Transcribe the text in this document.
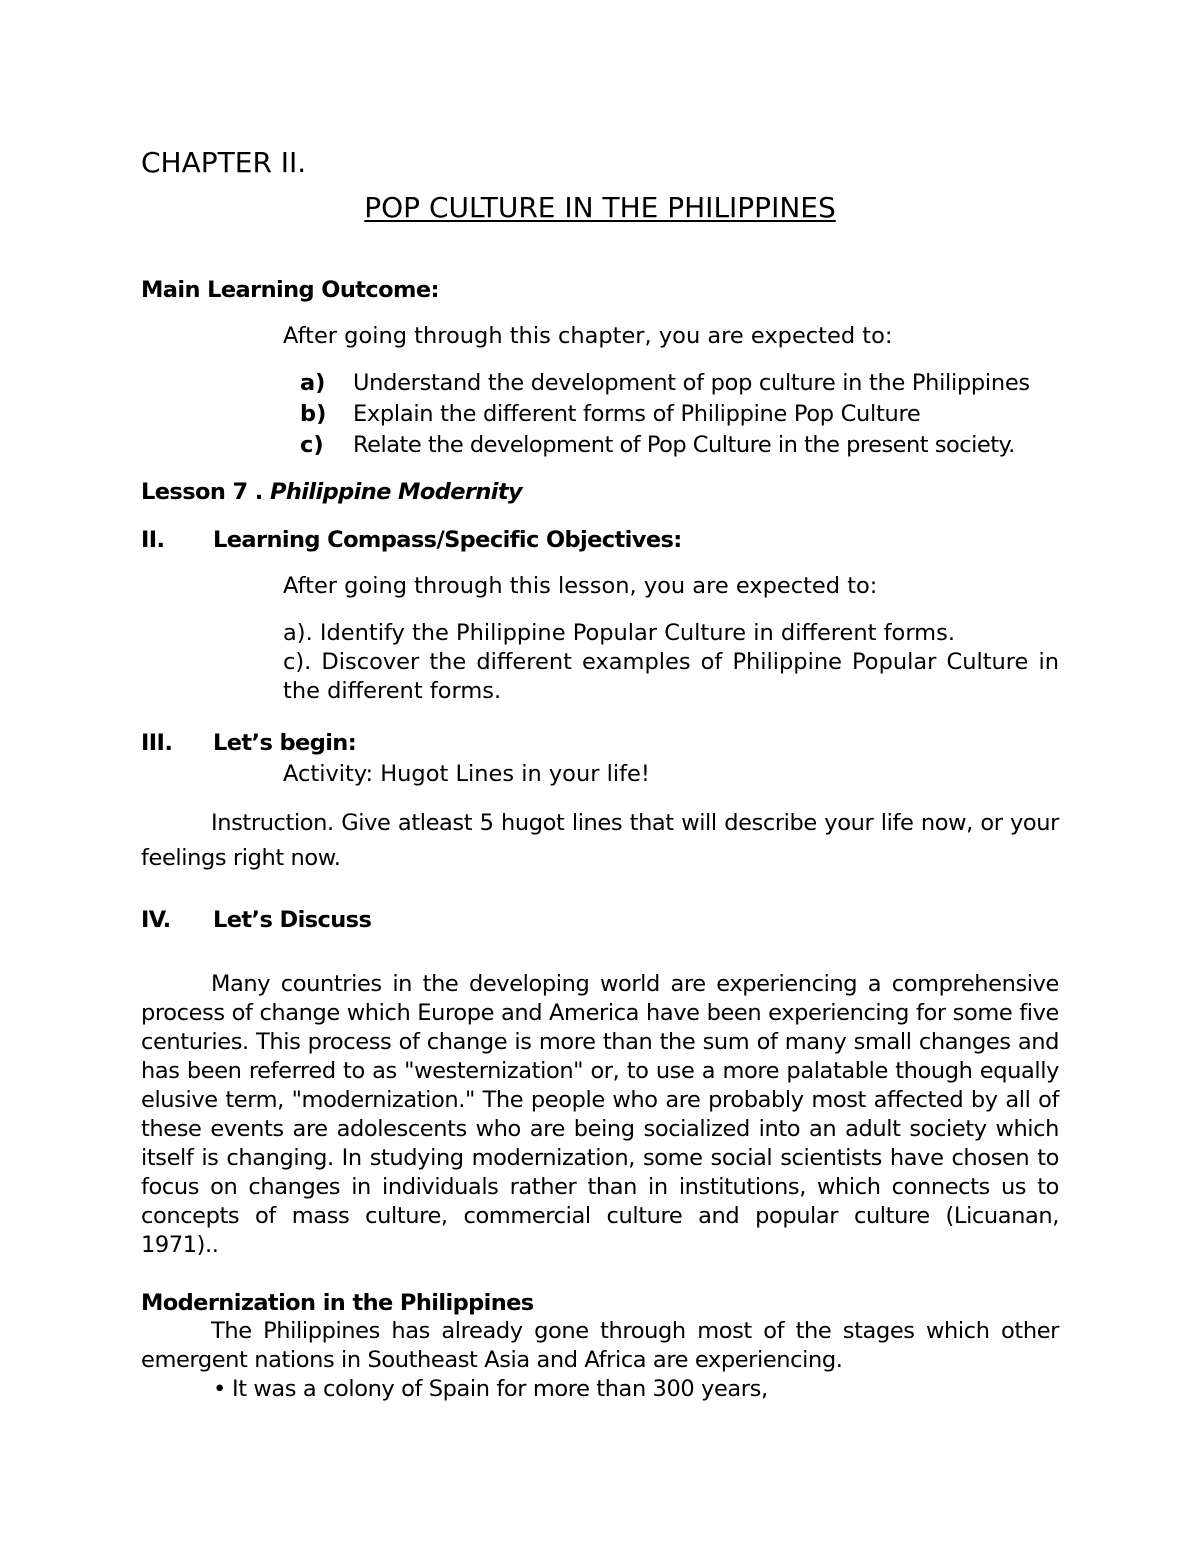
CHAPTER II.
POP CULTURE IN THE PHILIPPINES
Main Learning Outcome:
After going through this chapter, you are expected to:
a) Understand the development of pop culture in the Philippines
b) Explain the different forms of Philippine Pop Culture
c) Relate the development of Pop Culture in the present society.
Lesson 7 . Philippine Modernity
II. Learning Compass/Specific Objectives:
After going through this lesson, you are expected to:
a). Identify the Philippine Popular Culture in different forms.
c). Discover the different examples of Philippine Popular Culture in the different forms.
III. Let’s begin:
Activity: Hugot Lines in your life!
Instruction. Give atleast 5 hugot lines that will describe your life now, or your feelings right now.
IV. Let’s Discuss
Many countries in the developing world are experiencing a comprehensive process of change which Europe and America have been experiencing for some five centuries. This process of change is more than the sum of many small changes and has been referred to as "westernization" or, to use a more palatable though equally elusive term, "modernization." The people who are probably most affected by all of these events are adolescents who are being socialized into an adult society which itself is changing. In studying modernization, some social scientists have chosen to focus on changes in individuals rather than in institutions, which connects us to concepts of mass culture, commercial culture and popular culture (Licuanan, 1971)..
Modernization in the Philippines
The Philippines has already gone through most of the stages which other emergent nations in Southeast Asia and Africa are experiencing.
• It was a colony of Spain for more than 300 years,
